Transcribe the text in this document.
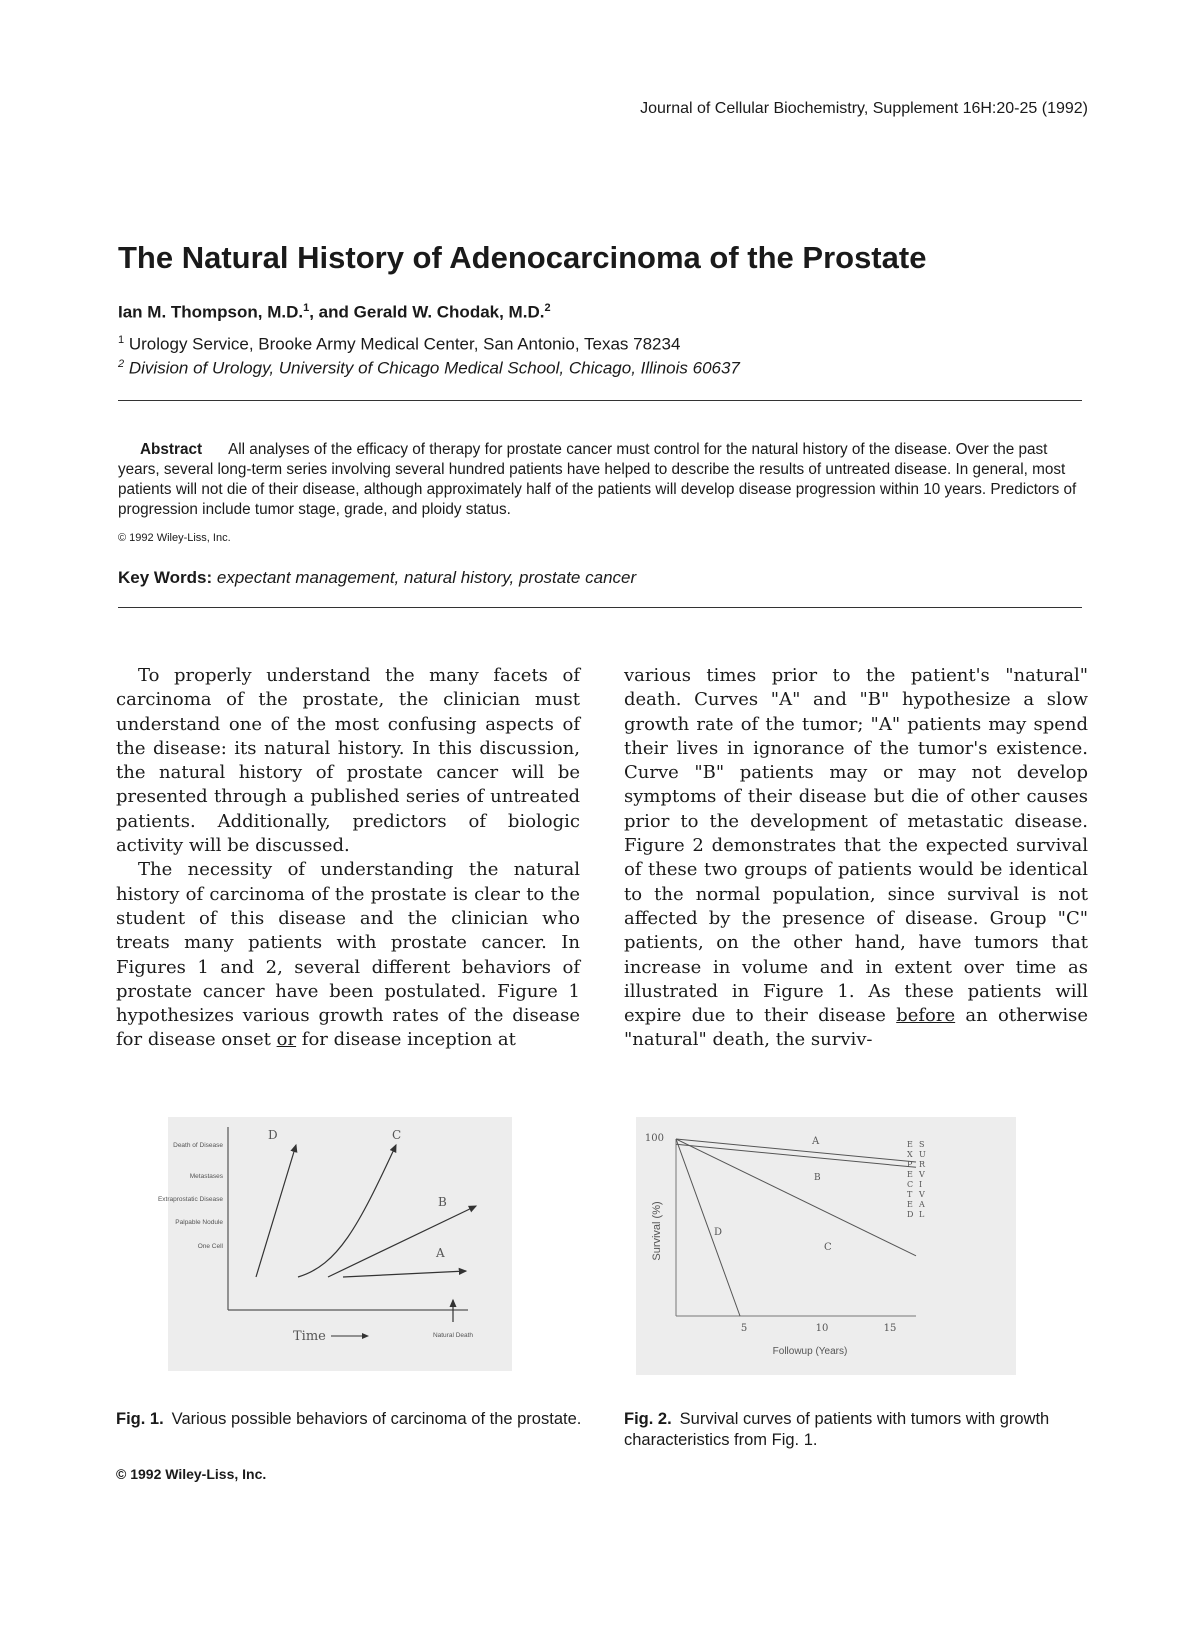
Journal of Cellular Biochemistry, Supplement 16H:20-25 (1992)
The Natural History of Adenocarcinoma of the Prostate
Ian M. Thompson, M.D.$^1$, and Gerald W. Chodak, M.D.$^2$
$^1$ Urology Service, Brooke Army Medical Center, San Antonio, Texas 78234
$^2$ Division of Urology, University of Chicago Medical School, Chicago, Illinois 60637
Abstract All analyses of the efficacy of therapy for prostate cancer must control for the natural history of the disease. Over the past years, several long-term series involving several hundred patients have helped to describe the results of untreated disease. In general, most patients will not die of their disease, although approximately half of the patients will develop disease progression within 10 years. Predictors of progression include tumor stage, grade, and ploidy status.
© 1992 Wiley-Liss, Inc.
Key Words: expectant management, natural history, prostate cancer

To properly understand the many facets of carcinoma of the prostate, the clinician must understand one of the most confusing aspects of the disease: its natural history. In this discussion, the natural history of prostate cancer will be presented through a published series of untreated patients. Additionally, predictors of biologic activity will be discussed.

The necessity of understanding the natural history of carcinoma of the prostate is clear to the student of this disease and the clinician who treats many patients with prostate cancer. In Figures 1 and 2, several different behaviors of prostate cancer have been postulated. Figure 1 hypothesizes various growth rates of the disease for disease onset or for disease inception at

various times prior to the patient's "natural" death. Curves "A" and "B" hypothesize a slow growth rate of the tumor; "A" patients may spend their lives in ignorance of the tumor's existence. Curve "B" patients may or may not develop symptoms of their disease but die of other causes prior to the development of metastatic disease. Figure 2 demonstrates that the expected survival of these two groups of patients would be identical to the normal population, since survival is not affected by the presence of disease. Group "C" patients, on the other hand, have tumors that increase in volume and in extent over time as illustrated in Figure 1. As these patients will expire due to their disease before an otherwise "natural" death, the surviv-

Death of Disease
Metastases
Extraprostatic Disease
Palpable Nodule
One Cell
D	C
B
A
Natural Death
Time
100
Survival (%)
5	10	15
Followup (Years)
A
B
C
D
E X P E C T E D S U R V I V A L
Fig. 1. Various possible behaviors of carcinoma of the prostate.	Fig. 2. Survival curves of patients with tumors with growth characteristics from Fig. 1.
© 1992 Wiley-Liss, Inc.
